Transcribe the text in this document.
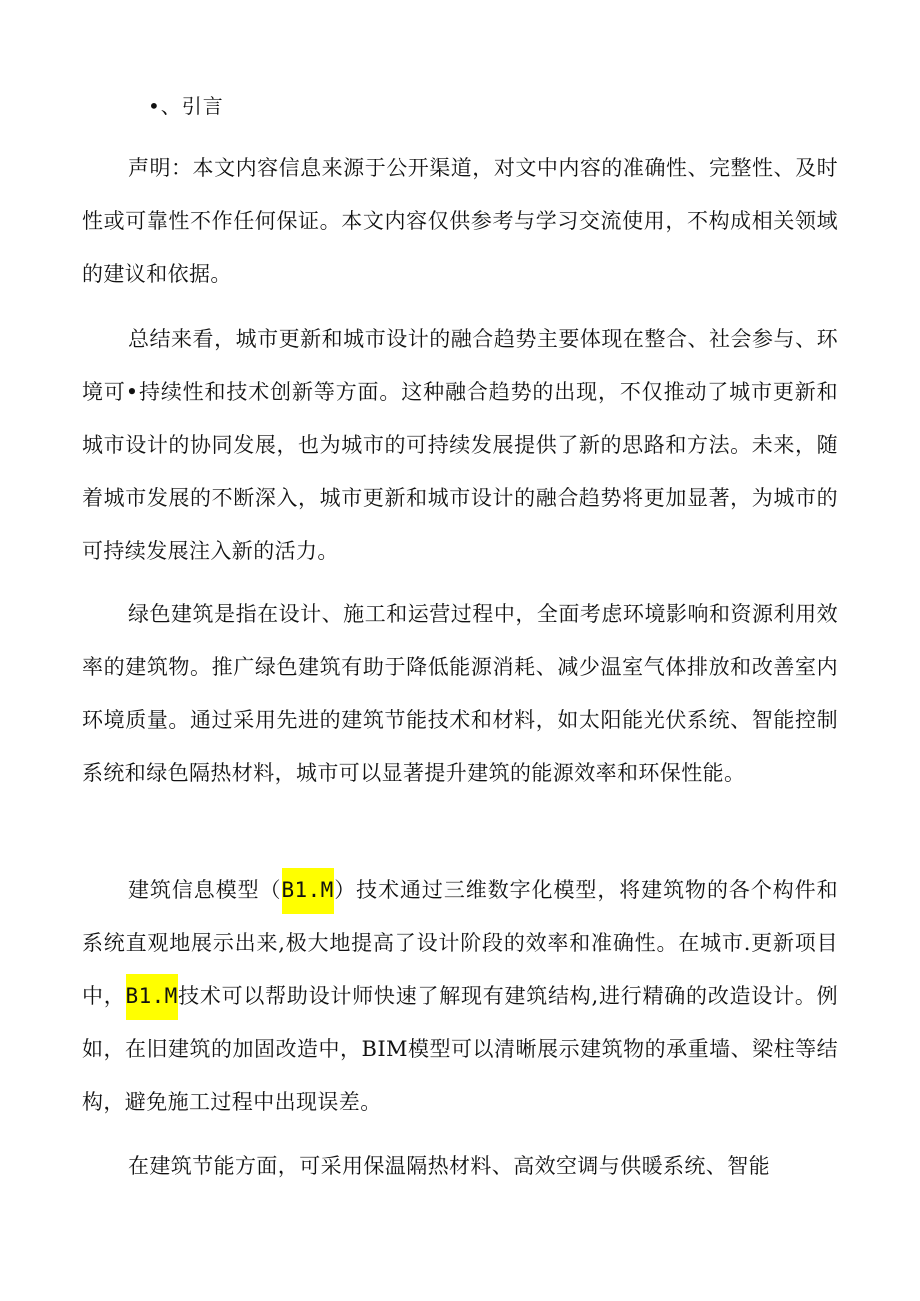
•、引言

声明：本文内容信息来源于公开渠道，对文中内容的准确性、完整性、及时性或可靠性不作任何保证。本文内容仅供参考与学习交流使用，不构成相关领域的建议和依据。

总结来看，城市更新和城市设计的融合趋势主要体现在整合、社会参与、环境可•持续性和技术创新等方面。这种融合趋势的出现，不仅推动了城市更新和城市设计的协同发展，也为城市的可持续发展提供了新的思路和方法。未来，随着城市发展的不断深入，城市更新和城市设计的融合趋势将更加显著，为城市的可持续发展注入新的活力。

绿色建筑是指在设计、施工和运营过程中，全面考虑环境影响和资源利用效率的建筑物。推广绿色建筑有助于降低能源消耗、减少温室气体排放和改善室内环境质量。通过采用先进的建筑节能技术和材料，如太阳能光伏系统、智能控制系统和绿色隔热材料，城市可以显著提升建筑的能源效率和环保性能。

建筑信息模型（B1.M）技术通过三维数字化模型，将建筑物的各个构件和系统直观地展示出来,极大地提高了设计阶段的效率和准确性。在城市.更新项目中，B1.M技术可以帮助设计师快速了解现有建筑结构,进行精确的改造设计。例如，在旧建筑的加固改造中，BIM模型可以清晰展示建筑物的承重墙、梁柱等结构，避免施工过程中出现误差。

在建筑节能方面，可采用保温隔热材料、高效空调与供暖系统、智能
